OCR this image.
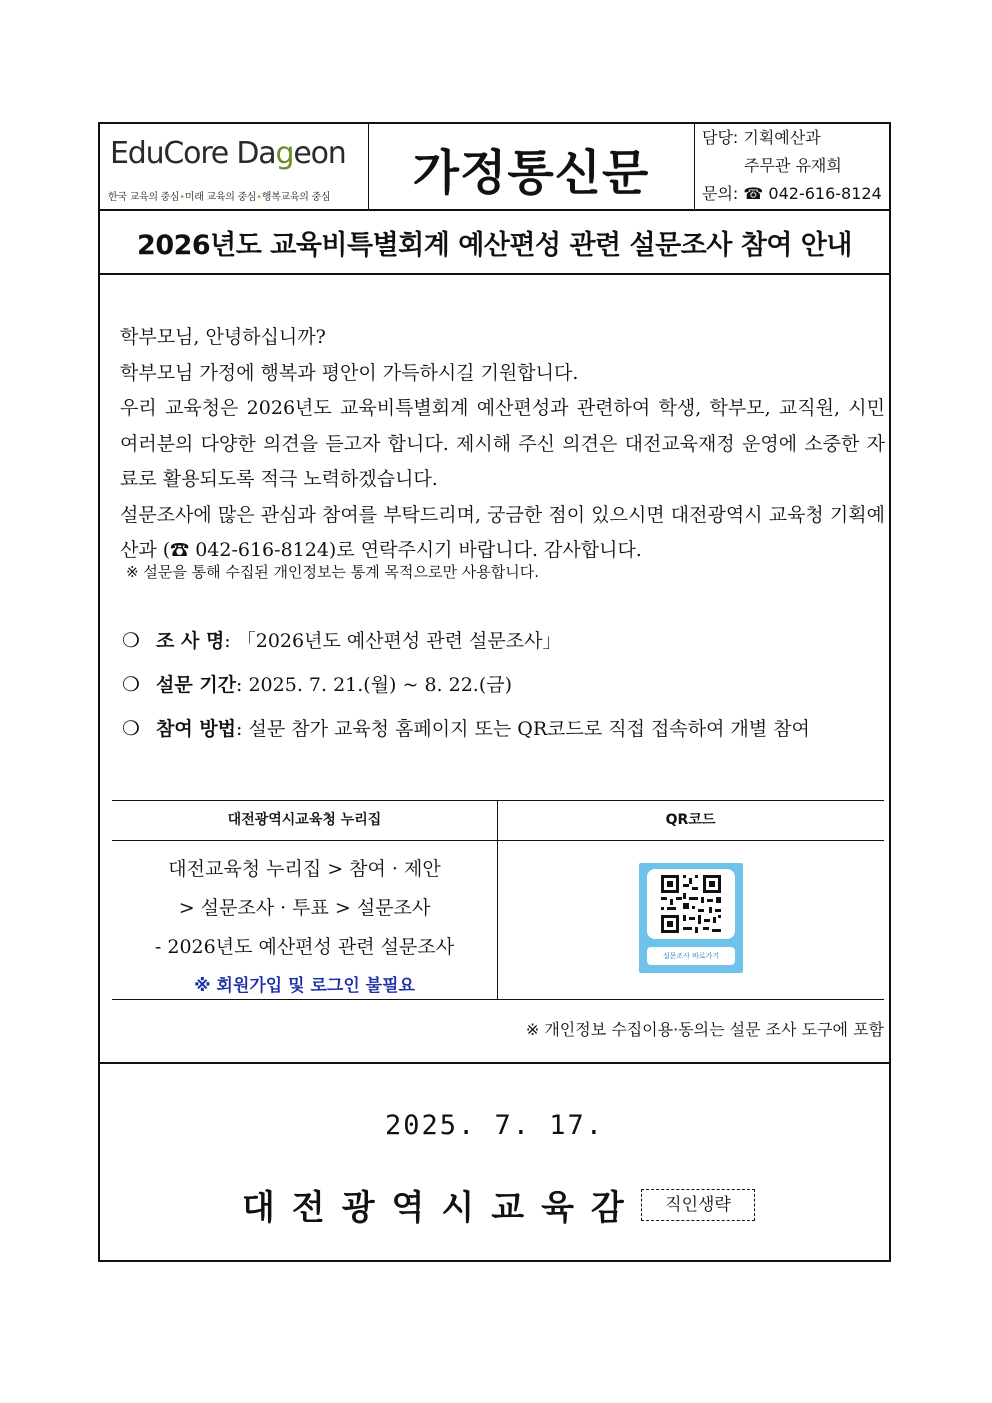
EduCore Dageon
한국 교육의 중심•미래 교육의 중심•행복교육의 중심	가정통신문
담당: 기획예산과
주무관 유재희
문의: ☎ 042-616-8124
2026년도 교육비특별회계 예산편성 관련 설문조사 참여 안내

학부모님, 안녕하십니까?

학부모님 가정에 행복과 평안이 가득하시길 기원합니다.

우리 교육청은 2026년도 교육비특별회계 예산편성과 관련하여 학생, 학부모, 교직원, 시민 여러분의 다양한 의견을 듣고자 합니다. 제시해 주신 의견은 대전교육재정 운영에 소중한 자료로 활용되도록 적극 노력하겠습니다.

설문조사에 많은 관심과 참여를 부탁드리며, 궁금한 점이 있으시면 대전광역시 교육청 기획예산과 (☎ 042-616-8124)로 연락주시기 바랍니다. 감사합니다.

※ 설문을 통해 수집된 개인정보는 통계 목적으로만 사용합니다.
❍ 조 사 명: 「2026년도 예산편성 관련 설문조사」
❍ 설문 기간: 2025. 7. 21.(월) ~ 8. 22.(금)
❍ 참여 방법: 설문 참가 교육청 홈페이지 또는 QR코드로 직접 접속하여 개별 참여
대전광역시교육청 누리집	QR코드
대전교육청 누리집 > 참여 · 제안
> 설문조사 · 투표 > 설문조사
- 2026년도 예산편성 관련 설문조사
※ 회원가입 및 로그인 불필요
설문조사 바로가기
※ 개인정보 수집이용·동의는 설문 조사 도구에 포함
2025. 7. 17.
대전광역시교육감	직인생략
